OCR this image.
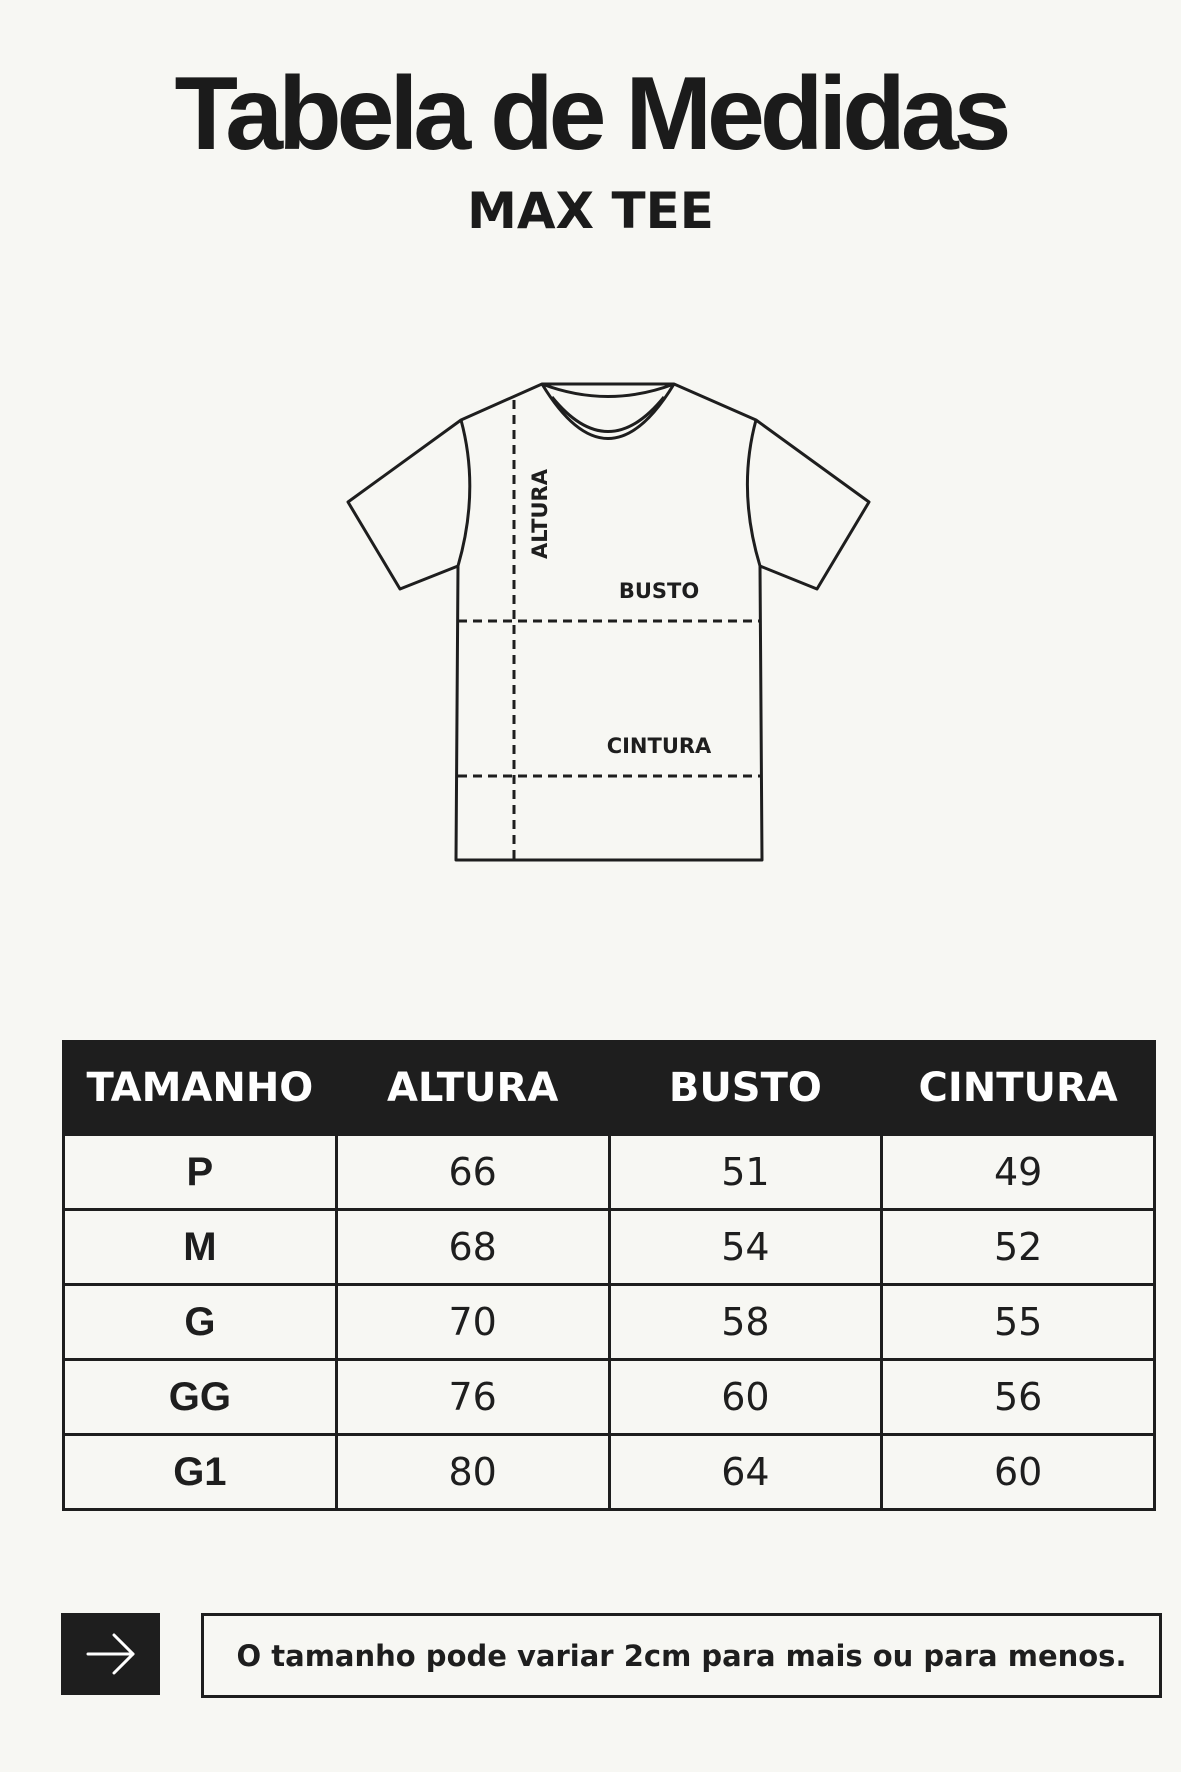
Tabela de Medidas
MAX TEE
ALTURA
BUSTO
CINTURA
TAMANHO	ALTURA	BUSTO	CINTURA
P	66	51	49
M	68	54	52
G	70	58	55
GG	76	60	56
G1	80	64	60
O tamanho pode variar 2cm para mais ou para menos.
